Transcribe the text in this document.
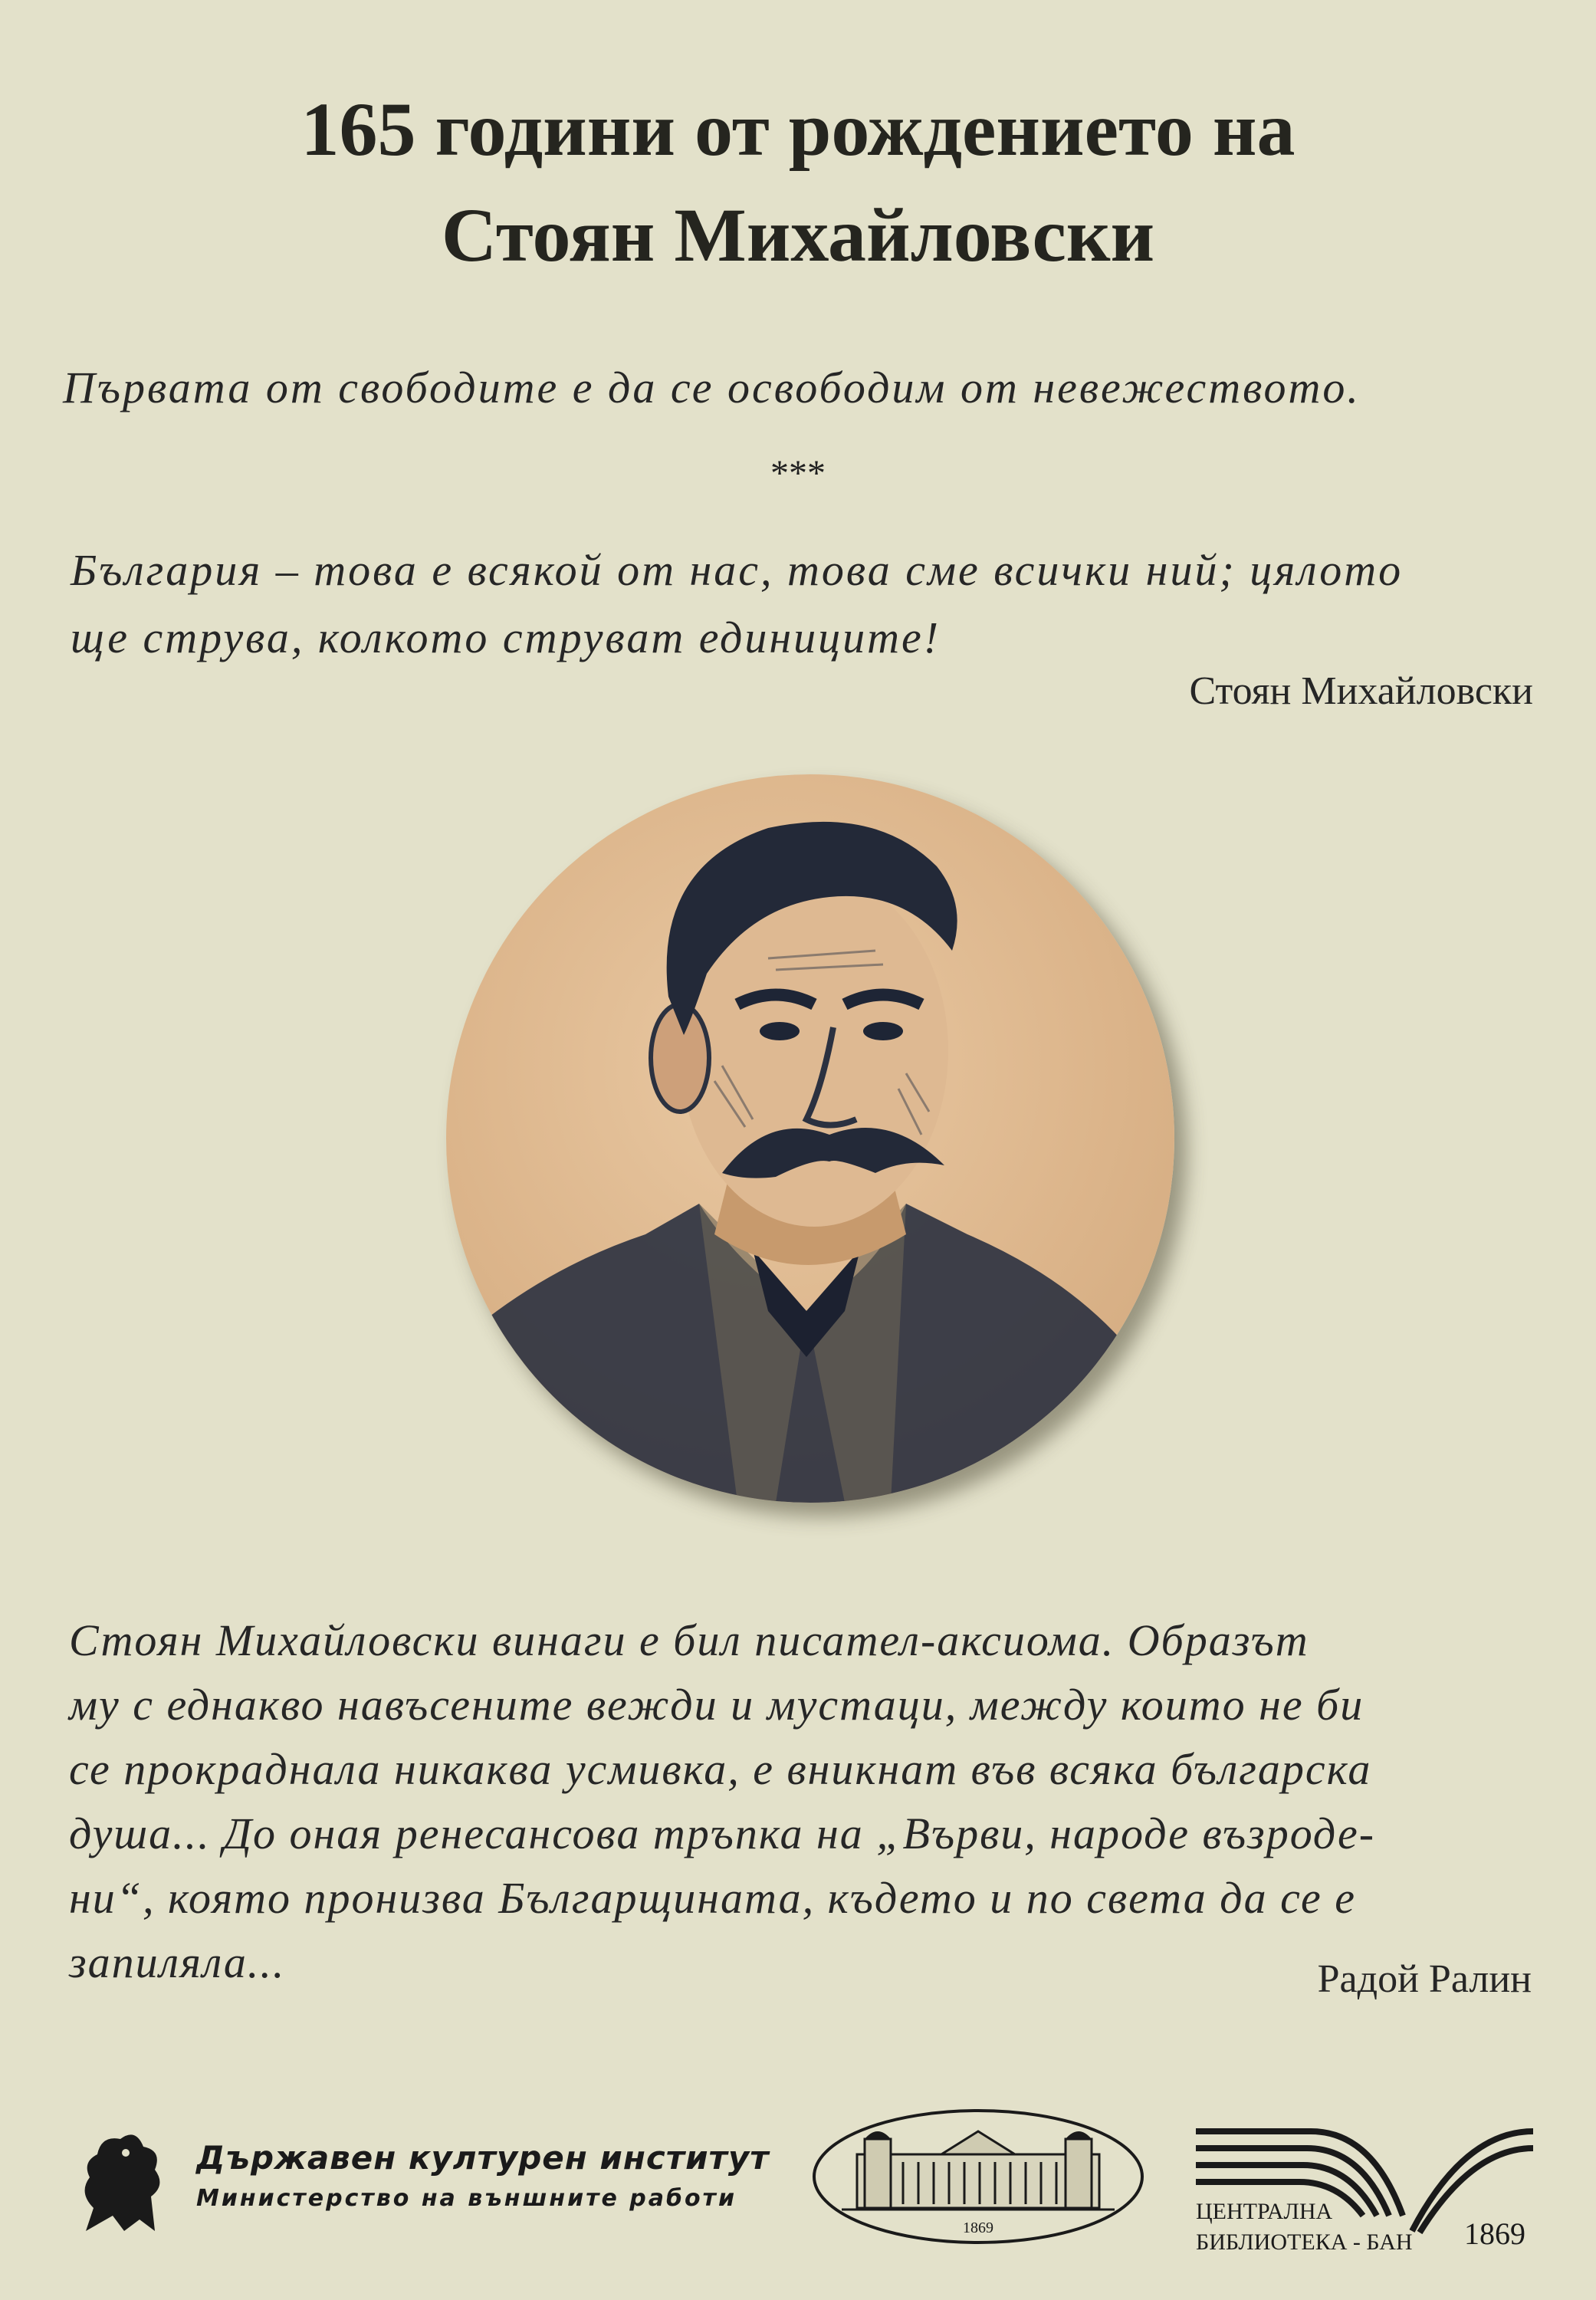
165 години от рождението на
Стоян Михайловски
Първата от свободите е да се освободим от невежеството.
***
България – това е всякой от нас, това сме всички ний; цялото
ще струва, колкото струват единиците!
Стоян Михайловски
Стоян Михайловски винаги е бил писател-аксиома. Образът
му с еднакво навъсените вежди и мустаци, между които не би
се прокраднала никаква усмивка, е вникнат във всяка българска
душа... До оная ренесансова тръпка на „Върви, народе възроде-
ни“, която пронизва Българщината, където и по света да се е
запиляла...	Радой Ралин
Държавен културен институт
Министерство на външните работи
1869
ЦЕНТРАЛНА
БИБЛИОТЕКА - БАН 1869
